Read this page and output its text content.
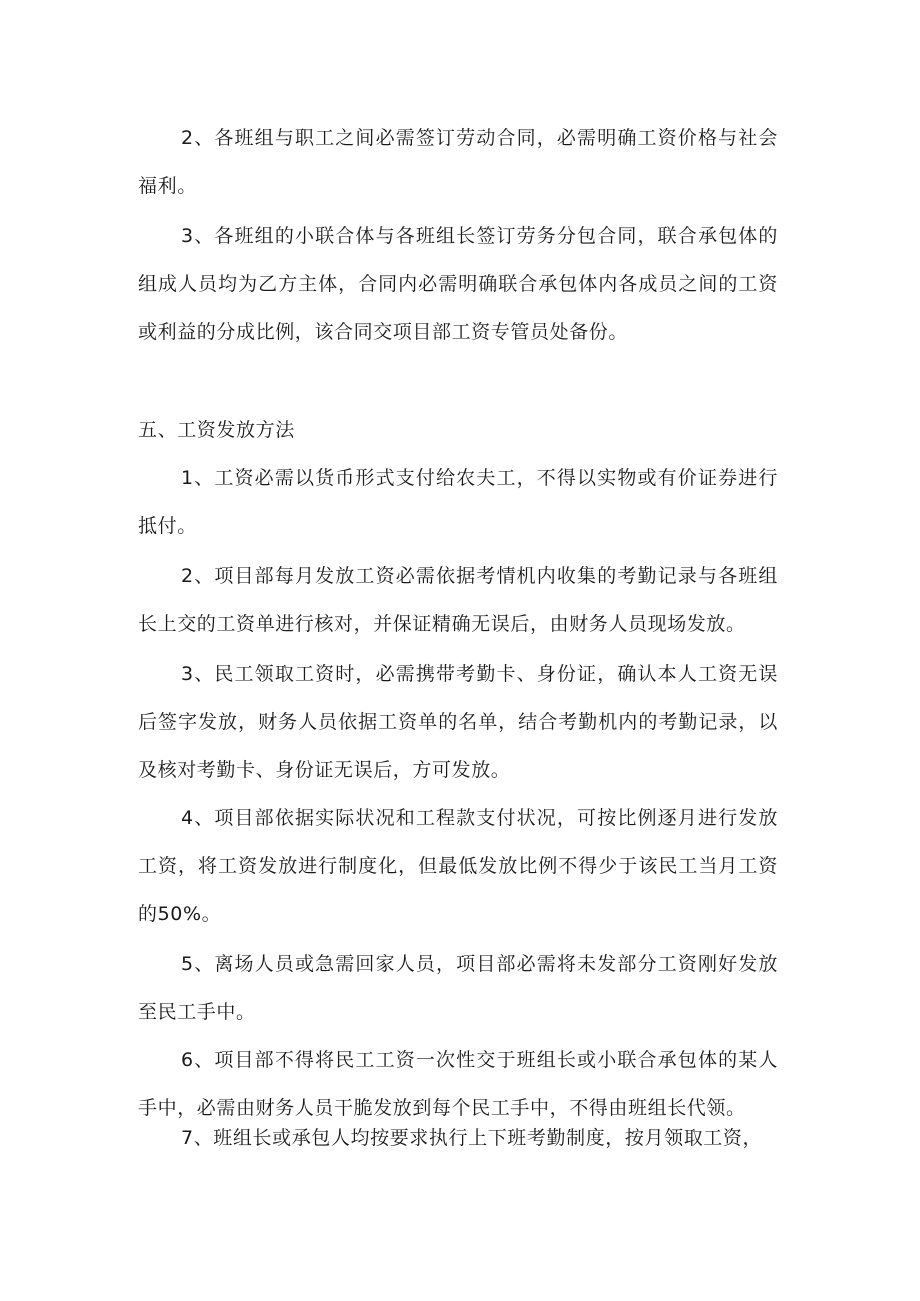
2、各班组与职工之间必需签订劳动合同，必需明确工资价格与社会福利。

3、各班组的小联合体与各班组长签订劳务分包合同，联合承包体的组成人员均为乙方主体，合同内必需明确联合承包体内各成员之间的工资或利益的分成比例，该合同交项目部工资专管员处备份。

五、工资发放方法

1、工资必需以货币形式支付给农夫工，不得以实物或有价证券进行抵付。

2、项目部每月发放工资必需依据考情机内收集的考勤记录与各班组长上交的工资单进行核对，并保证精确无误后，由财务人员现场发放。

3、民工领取工资时，必需携带考勤卡、身份证，确认本人工资无误后签字发放，财务人员依据工资单的名单，结合考勤机内的考勤记录，以及核对考勤卡、身份证无误后，方可发放。

4、项目部依据实际状况和工程款支付状况，可按比例逐月进行发放工资，将工资发放进行制度化，但最低发放比例不得少于该民工当月工资的50%。

5、离场人员或急需回家人员，项目部必需将未发部分工资刚好发放至民工手中。

6、项目部不得将民工工资一次性交于班组长或小联合承包体的某人手中，必需由财务人员干脆发放到每个民工手中，不得由班组长代领。

7、班组长或承包人均按要求执行上下班考勤制度，按月领取工资，
